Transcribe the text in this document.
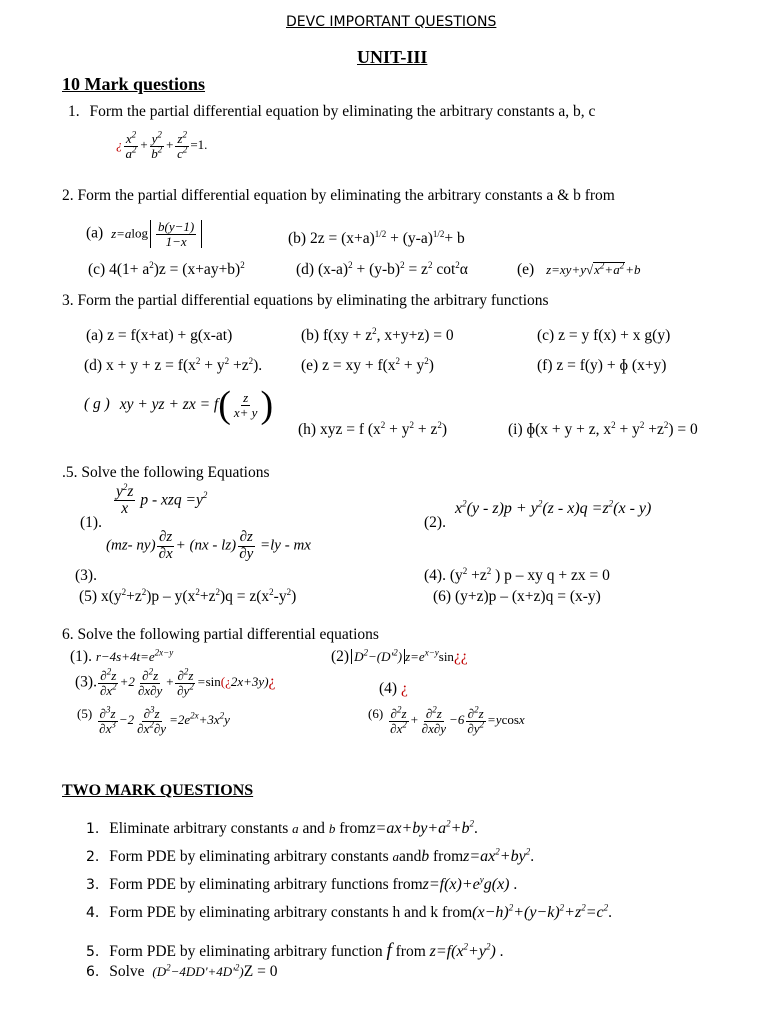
DEVC IMPORTANT QUESTIONS
UNIT-III
10 Mark questions
1. Form the partial differential equation by eliminating the arbitrary constants a, b, c
¿ $\frac{x^2}{a^2} + \frac{y^2}{b^2} + \frac{z^2}{c^2} =1$.
2. Form the partial differential equation by eliminating the arbitrary constants a & b from
(a) $z=alog \frac{b(y-1)}{1-x}$	(b) $2z = (x+a)^{1/2} + (y-a)^{1/2}+ b$
(c) $4(1+ a^2)z = (x+ay+b)^2$	(d) $(x-a)^2 + (y-b)^2 = z^2$ $\cot^2\alpha$	(e) $z=xy+y√x^2+a^2+b$
3. Form the partial differential equations by eliminating the arbitrary functions
(a) z = f(x+at) + g(x-at)	(b) $f(xy + z^2$, x+y+z) = 0	(c) z = y f(x) + x g(y)
(d) $x + y + z = f(x^2 + y^2 +z^2)$.	(e) z = xy + $f(x^2 + y^2)$	(f) z = f(y) + ɸ (x+y)
( g ) xy + yz + zx = $f( \frac{z}{x+ y}$ )
(h) xyz = f $(x^2 + y^2 + z^2)$	(i) ɸ(x + y + z, $x^2 + y^2 +z^2) = 0$
.5. Solve the following Equations
(1).
$\frac{y^2z}{x}$ p - xzq $=y^2$
(2).
$x^2(y - z)p + y^2(z - x)q =z^2(x - y)$
(mz- $ny) \frac{\partial z}{\partial x} + (nx - lz) \frac{\partial z}{\partial y} =ly$ - mx
(3).	(4). ($y^2 +z^2$ ) p – xy q + zx = 0
(5) $x(y^2+z^2)p - y(x^2+z^2)q = z(x^2-y^2)$	(6) (y+z)p – (x+z)q = (x-y)
6. Solve the following partial differential equations
(1). $r-4s+4t=e^{2x-y}$	(2) $D^2-(D'^2)$ $z=e^{x-y}\sin¿¿$
(3). $\frac{\partial^2z}{\partial x^2} +2 \frac{\partial^2z}{\partial x\partial y} + \frac{\partial^2z}{\partial y^2}$ =sin(¿2x+3y)¿	(4) ¿
$^{(5)} \frac{\partial^3z}{\partial x^3} -2 \frac{\partial^3z}{\partial x^2\partial y} =2e^{2x}+3x^2y$	$^{(6)} \frac{\partial^2z}{\partial x^2} + \frac{\partial^2z}{\partial x\partial y} -6 \frac{\partial^2z}{\partial y^2} =ycosx$
TWO MARK QUESTIONS
1. Eliminate arbitrary constants a and b $fromz=ax+by+a^2+b^2$.
2. Form PDE by eliminating arbitrary constants aandb $fromz=ax^2+by^2$.
3. Form PDE by eliminating arbitrary functions $fromz=f(x)+e^yg(x)$ .
4. Form PDE by eliminating arbitrary constants h and k $from(x-h)^2+(y-k)^2+z^2=c^2$.
5. Form PDE by eliminating arbitrary function f from $z=f(x^2+y^2)$ .
6. Solve $(D^2-4DD'+4D'^2)Z = 0$
